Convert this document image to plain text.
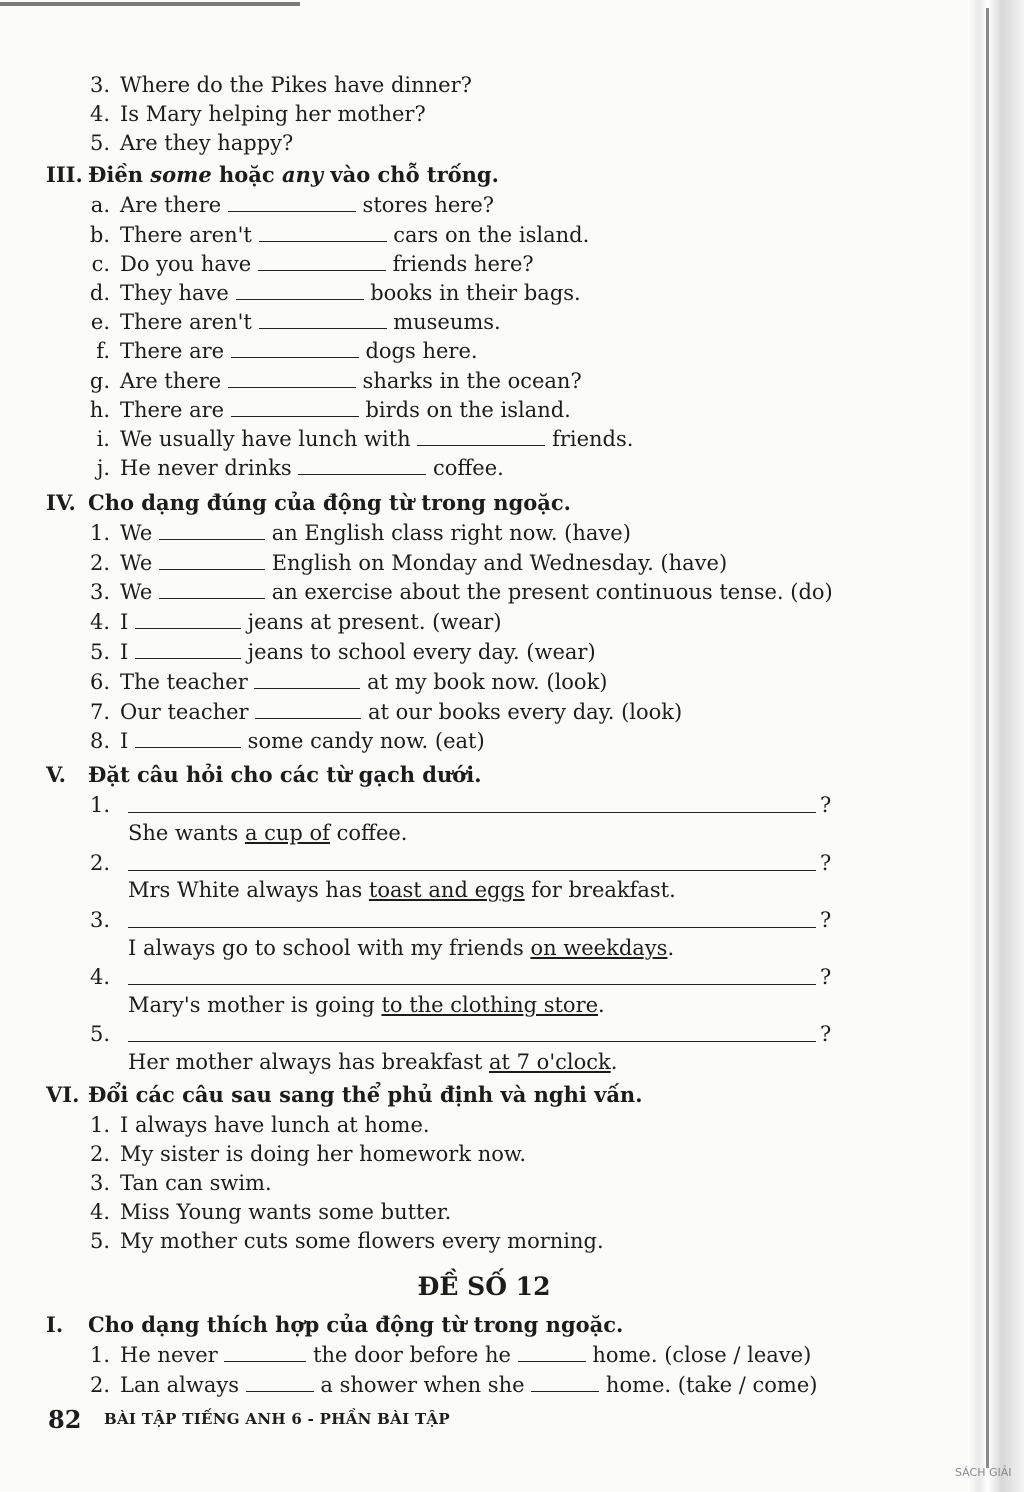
3. Where do the Pikes have dinner?
4. Is Mary helping her mother?
5. Are they happy?
III. Điền some hoặc any vào chỗ trống.
a. Are there	stores here?
b. There aren't	cars on the island.
c. Do you have	friends here?
d. They have	books in their bags.
e. There aren't	museums.
f. There are	dogs here.
g. Are there	sharks in the ocean?
h. There are	birds on the island.
i. We usually have lunch with	friends.
j. He never drinks	coffee.
IV. Cho dạng đúng của động từ trong ngoặc.
1. We	an English class right now. (have)
2. We	English on Monday and Wednesday. (have)
3. We	an exercise about the present continuous tense. (do)
4. I	jeans at present. (wear)
5. I	jeans to school every day. (wear)
6. The teacher	at my book now. (look)
7. Our teacher	at our books every day. (look)
8. I	some candy now. (eat)
V. Đặt câu hỏi cho các từ gạch dưới.
1.	?
She wants a cup of coffee.
2.	?
Mrs White always has toast and eggs for breakfast.
3.	?
I always go to school with my friends on weekdays.
4.	?
Mary's mother is going to the clothing store.
5.	?
Her mother always has breakfast at 7 o'clock.
VI. Đổi các câu sau sang thể phủ định và nghi vấn.
1. I always have lunch at home.
2. My sister is doing her homework now.
3. Tan can swim.
4. Miss Young wants some butter.
5. My mother cuts some flowers every morning.
ĐỀ SỐ 12
I. Cho dạng thích hợp của động từ trong ngoặc.
1. He never	the door before he	home. (close / leave)
2. Lan always	a shower when she	home. (take / come)
82 BÀI TẬP TIẾNG ANH 6 - PHẦN BÀI TẬP
SÁCH GIẢI
